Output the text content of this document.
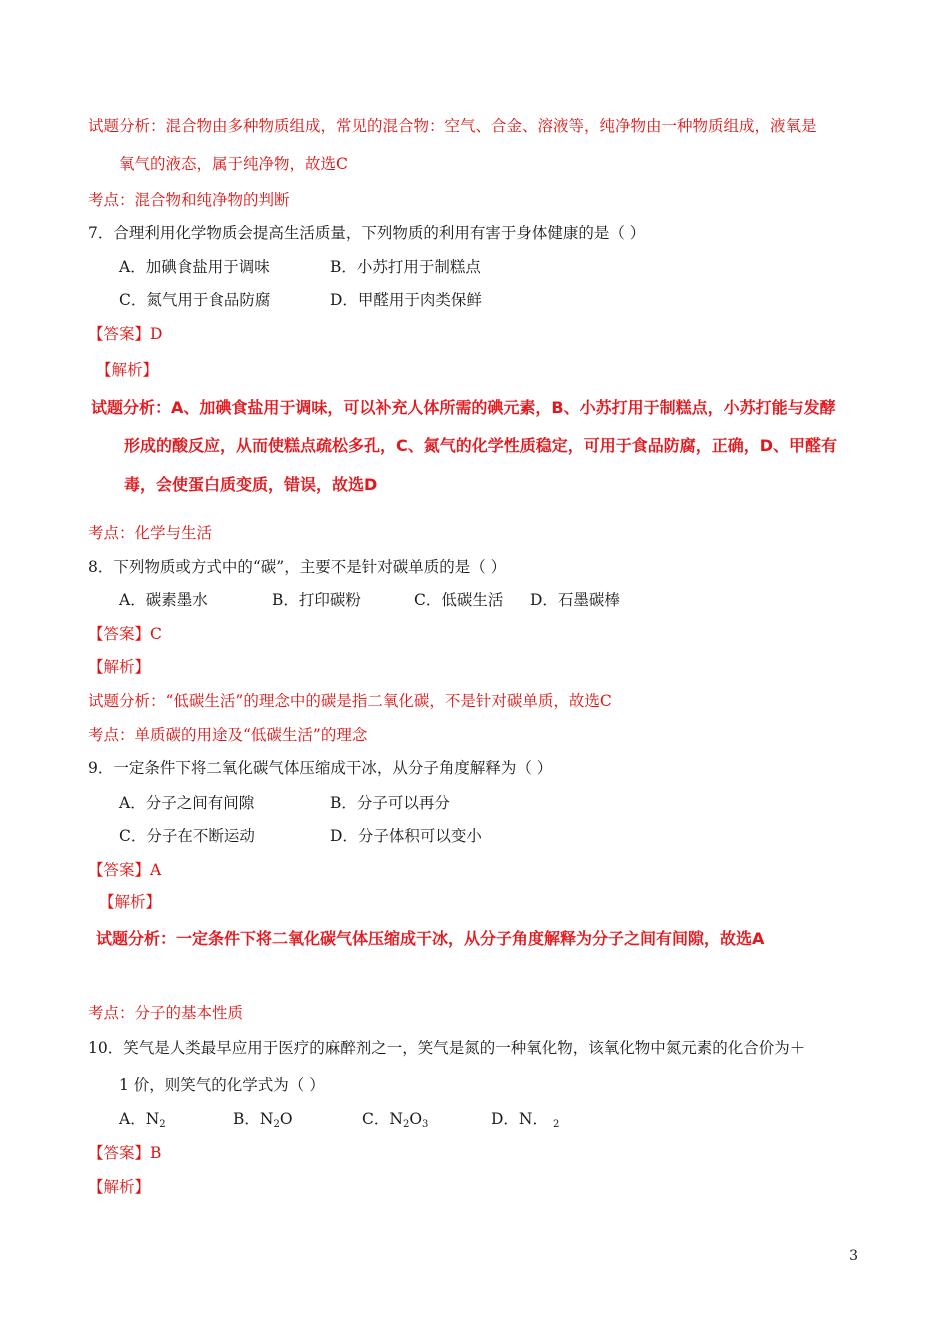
试题分析：混合物由多种物质组成，常见的混合物：空气、合金、溶液等，纯净物由一种物质组成，液氧是
氧气的液态，属于纯净物，故选C
考点：混合物和纯净物的判断
7．合理利用化学物质会提高生活质量，下列物质的利用有害于身体健康的是（ ）
A．加碘食盐用于调味	B．小苏打用于制糕点
C．氮气用于食品防腐	D．甲醛用于肉类保鲜
【答案】D
【解析】
试题分析：A、加碘食盐用于调味，可以补充人体所需的碘元素，B、小苏打用于制糕点，小苏打能与发酵
形成的酸反应，从而使糕点疏松多孔，C、氮气的化学性质稳定，可用于食品防腐，正确，D、甲醛有
毒，会使蛋白质变质，错误，故选D
考点：化学与生活
8．下列物质或方式中的“碳”，主要不是针对碳单质的是（ ）
A．碳素墨水	B．打印碳粉	C．低碳生活 D．石墨碳棒
【答案】C
【解析】
试题分析：“低碳生活”的理念中的碳是指二氧化碳，不是针对碳单质，故选C
考点：单质碳的用途及“低碳生活”的理念
9．一定条件下将二氧化碳气体压缩成干冰，从分子角度解释为（ ）
A．分子之间有间隙	B．分子可以再分
C．分子在不断运动	D．分子体积可以变小
【答案】A
【解析】
试题分析：一定条件下将二氧化碳气体压缩成干冰，从分子角度解释为分子之间有间隙，故选A
考点：分子的基本性质
10．笑气是人类最早应用于医疗的麻醉剂之一，笑气是氮的一种氧化物，该氧化物中氮元素的化合价为＋
1 价，则笑气的化学式为（ ）
A．$N_2$	B．$N_2O$	C．$N_2O_3$	D．N． $_2$
【答案】B
【解析】
3
